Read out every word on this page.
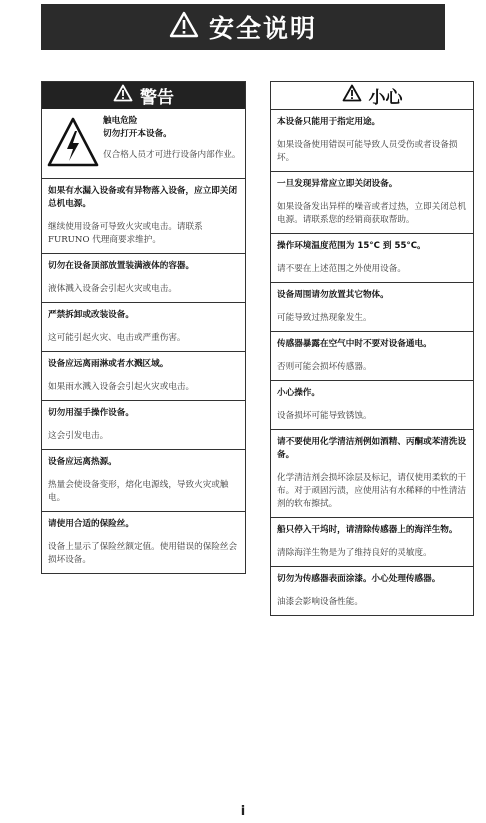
安全说明
警告
触电危险
切勿打开本设备。
仅合格人员才可进行设备内部作业。
如果有水漏入设备或有异物落入设备，应立即关闭总机电源。
继续使用设备可导致火灾或电击。请联系 FURUNO 代理商要求维护。
切勿在设备顶部放置装满液体的容器。
液体溅入设备会引起火灾或电击。
严禁拆卸或改装设备。
这可能引起火灾、电击或严重伤害。
设备应远离雨淋或者水溅区域。
如果雨水溅入设备会引起火灾或电击。
切勿用湿手操作设备。
这会引发电击。
设备应远离热源。
热量会使设备变形，熔化电源线，导致火灾或触电。
请使用合适的保险丝。
设备上显示了保险丝额定值。使用错误的保险丝会损坏设备。
小心
本设备只能用于指定用途。
如果设备使用错误可能导致人员受伤或者设备损坏。
一旦发现异常应立即关闭设备。
如果设备发出异样的噪音或者过热，立即关闭总机电源。请联系您的经销商获取帮助。
操作环境温度范围为 15°C 到 55°C。
请不要在上述范围之外使用设备。
设备周围请勿放置其它物体。
可能导致过热现象发生。
传感器暴露在空气中时不要对设备通电。
否则可能会损坏传感器。
小心操作。
设备损坏可能导致锈蚀。
请不要使用化学清洁剂例如酒精、丙酮或苯清洗设备。
化学清洁剂会损坏涂层及标记，请仅使用柔软的干布。对于顽固污渍，应使用沾有水稀释的中性清洁剂的软布擦拭。
船只停入干坞时，请清除传感器上的海洋生物。
清除海洋生物是为了维持良好的灵敏度。
切勿为传感器表面涂漆。小心处理传感器。
油漆会影响设备性能。
i
